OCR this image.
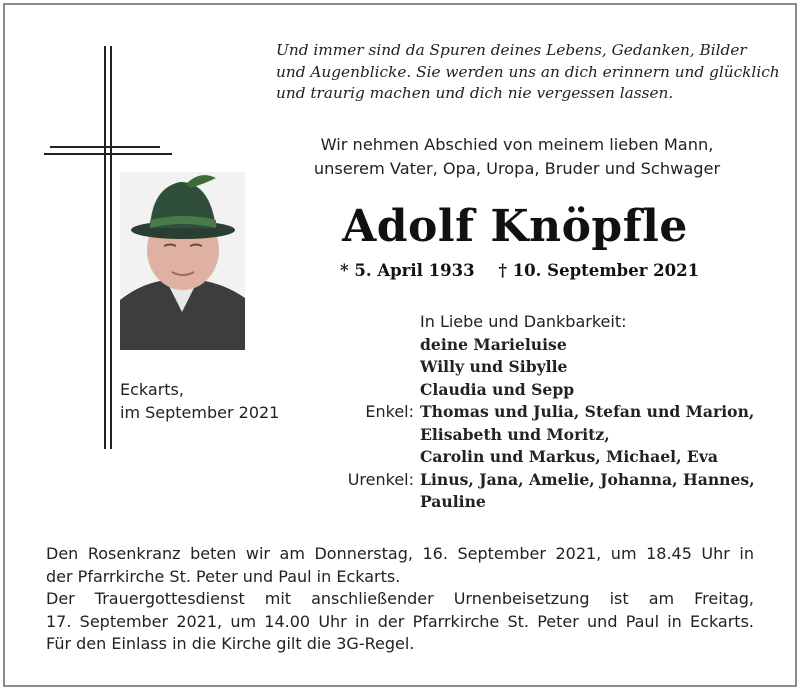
Und immer sind da Spuren deines Lebens, Gedanken, Bilder
und Augenblicke. Sie werden uns an dich erinnern und glücklich
und traurig machen und dich nie vergessen lassen.
Wir nehmen Abschied von meinem lieben Mann,
unserem Vater, Opa, Uropa, Bruder und Schwager
Adolf Knöpfle
* 5. April 1933 † 10. September 2021
Eckarts,
im September 2021
In Liebe und Dankbarkeit:
deine Marieluise
Willy und Sibylle
Claudia und Sepp
Enkel: Thomas und Julia, Stefan und Marion,
Elisabeth und Moritz,
Carolin und Markus, Michael, Eva
Urenkel: Linus, Jana, Amelie, Johanna, Hannes,
Pauline
Den Rosenkranz beten wir am Donnerstag, 16. September 2021, um 18.45 Uhr in
der Pfarrkirche St. Peter und Paul in Eckarts.
Der Trauergottesdienst mit anschließender Urnenbeisetzung ist am Freitag,
17. September 2021, um 14.00 Uhr in der Pfarrkirche St. Peter und Paul in Eckarts.
Für den Einlass in die Kirche gilt die 3G-Regel.
